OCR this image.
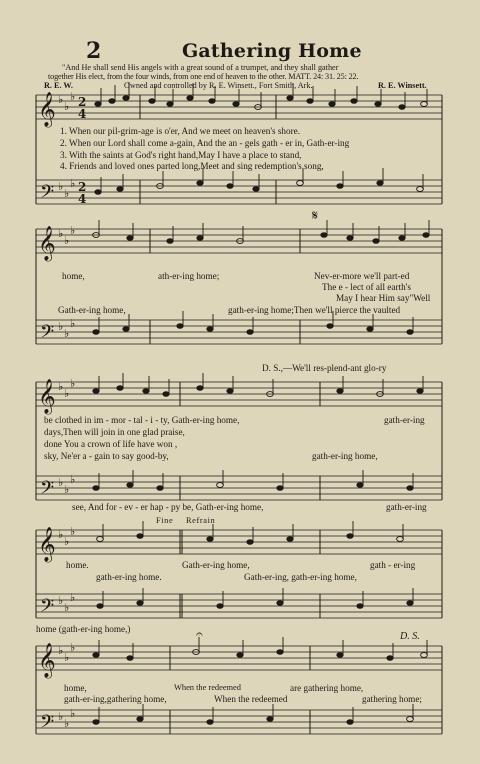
2	Gathering Home
"And He shall send His angels with a great sound of a trumpet, and they shall gather
together His elect, from the four winds, from one end of heaven to the other. MATT. 24: 31. 25: 22.
R. E. W.	Owned and controlled by R. E. Winsett., Fort Smith, Ark.	R. E. Winsett.
𝄞
𝄢
𝄞
𝄢
𝄞
𝄢
𝄞
𝄢
𝄞
𝄢
♭
♭
♭
♭
♭
♭
♭
♭
♭
♭
♭
♭
♭
♭
♭
♭
♭
♭
♭
♭
♭
♭
♭
♭
♭
♭
♭
♭
♭
♭
2
4
2
4
𝄋
𝄐
1. When our pil-grim-age is o'er, And we meet on heaven's shore.
2. When our Lord shall come a-gain, And the an - gels gath - er in, Gath-er-ing
3. With the saints at God's right hand,May I have a place to stand,
4. Friends and loved ones parted long,Meet and sing redemption's song,
home,	ath-er-ing home;	Nev-er-more we'll part-ed
The e - lect of all earth's
May I hear Him say"Well
Gath-er-ing home,	gath-er-ing home;Then we'll pierce the vaulted
D. S.,—We'll res-plend-ant glo-ry
be clothed in im - mor - tal - i - ty, Gath-er-ing home,	gath-er-ing
days,Then will join in one glad praise,
done You a crown of life have won ,
sky, Ne'er a - gain to say good-by,	gath-er-ing home,
see, And for - ev - er hap - py be, Gath-er-ing home,	gath-er-ing
Fine Refrain
home.	Gath-er-ing home,	gath - er-ing
gath-er-ing home.	Gath-er-ing, gath-er-ing home,
home (gath-er-ing home,)
D. S.
home,	When the redeemed	are gathering home,
gath-er-ing,gathering home,	When the redeemed	gathering home;
